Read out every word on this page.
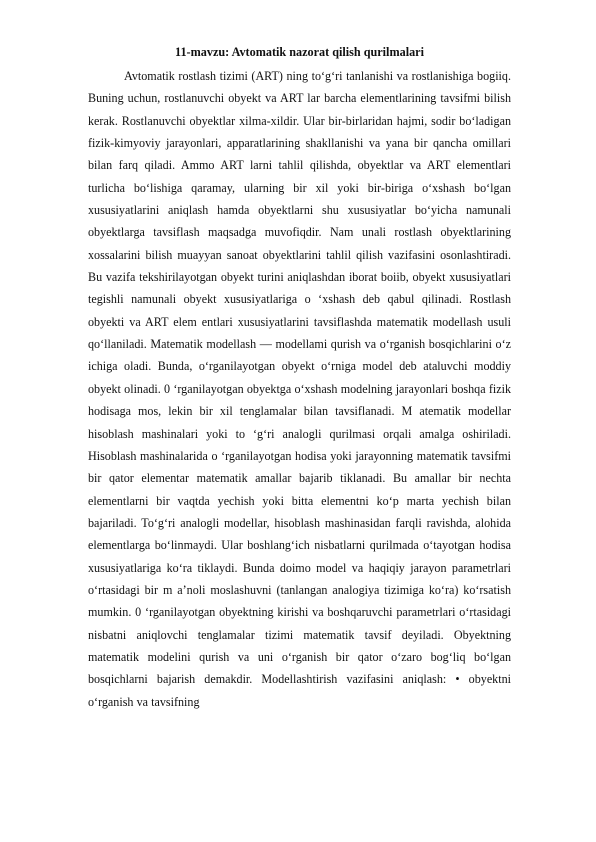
11-mavzu: Avtomatik nazorat qilish qurilmalari

Avtomatik rostlash tizimi (ART) ning to‘g‘ri tanlanishi va rostlanishiga bogiiq. Buning uchun, rostlanuvchi obyekt va ART lar barcha elementlarining tavsifmi bilish kerak. Rostlanuvchi obyektlar xilma-xildir. Ular bir-birlaridan hajmi, sodir bo‘ladigan fizik-kimyoviy jarayonlari, apparatlarining shakllanishi va yana bir qancha omillari bilan farq qiladi. Ammo ART larni tahlil qilishda, obyektlar va ART elementlari turlicha bo‘lishiga qaramay, ularning bir xil yoki bir-biriga o‘xshash bo‘lgan xususiyatlarini aniqlash hamda obyektlarni shu xususiyatlar bo‘yicha namunali obyektlarga tavsiflash maqsadga muvofiqdir. Nam unali rostlash obyektlarining xossalarini bilish muayyan sanoat obyektlarini tahlil qilish vazifasini osonlashtiradi. Bu vazifa tekshirilayotgan obyekt turini aniqlashdan iborat boiib, obyekt xususiyatlari tegishli namunali obyekt xususiyatlariga o ‘xshash deb qabul qilinadi. Rostlash obyekti va ART elem entlari xususiyatlarini tavsiflashda matematik modellash usuli qo‘llaniladi. Matematik modellash — modellami qurish va o‘rganish bosqichlarini o‘z ichiga oladi. Bunda, o‘rganilayotgan obyekt o‘rniga model deb ataluvchi moddiy obyekt olinadi. 0 ‘rganilayotgan obyektga o‘xshash modelning jarayonlari boshqa fizik hodisaga mos, lekin bir xil tenglamalar bilan tavsiflanadi. M atematik modellar hisoblash mashinalari yoki to ‘g‘ri analogli qurilmasi orqali amalga oshiriladi. Hisoblash mashinalarida o ‘rganilayotgan hodisa yoki jarayonning matematik tavsifmi bir qator elementar matematik amallar bajarib tiklanadi. Bu amallar bir nechta elementlarni bir vaqtda yechish yoki bitta elementni ko‘p marta yechish bilan bajariladi. To‘g‘ri analogli modellar, hisoblash mashinasidan farqli ravishda, alohida elementlarga bo‘linmaydi. Ular boshlang‘ich nisbatlarni qurilmada o‘tayotgan hodisa xususiyatlariga ko‘ra tiklaydi. Bunda doimo model va haqiqiy jarayon parametrlari o‘rtasidagi bir m a’noli moslashuvni (tanlangan analogiya tizimiga ko‘ra) ko‘rsatish mumkin. 0 ‘rganilayotgan obyektning kirishi va boshqaruvchi parametrlari o‘rtasidagi nisbatni aniqlovchi tenglamalar tizimi matematik tavsif deyiladi. Obyektning matematik modelini qurish va uni o‘rganish bir qator o‘zaro bog‘liq bo‘lgan bosqichlarni bajarish demakdir. Modellashtirish vazifasini aniqlash: • obyektni o‘rganish va tavsifning
